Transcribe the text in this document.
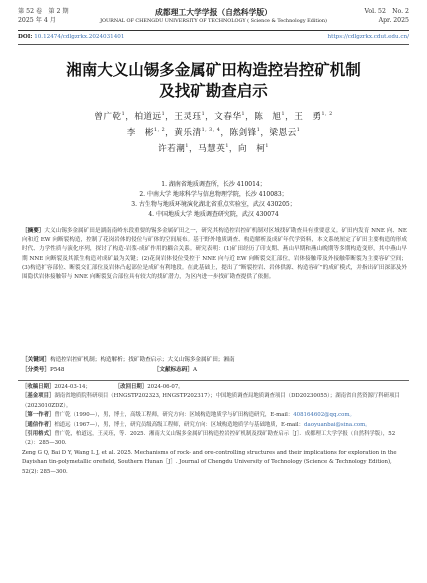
第 52 卷　第 2 期
2025 年 4 月
成都理工大学学报（自然科学版）
JOURNAL OF CHENGDU UNIVERSITY OF TECHNOLOGY ( Science & Technology Edition)
Vol. 52　No. 2
Apr. 2025
DOI: 10.12474/cdlgzrkx.2024031401	https://cdlgzrkx.cdut.edu.cn/
湘南大义山锡多金属矿田构造控岩控矿机制
及找矿勘查启示
曾广乾$^1$，柏道远$^1$，王灵珏$^1$，文春华$^1$，陈　旭$^1$，王　勇$^{1, 2}$
李　彬$^{1, 2}$，黄乐清$^{1, 3, 4}$，陈剑锋$^1$，梁恩云$^1$
许若潮$^1$，马慧英$^1$，向　柯$^1$
1. 湖南省地质调查所，长沙 410014；
2. 中南大学 地球科学与信息物理学院，长沙 410083；
3. 古生物与地质环境演化湖北省重点实验室，武汉 430205；
4. 中国地质大学 地质调查研究院，武汉 430074
［摘要］大义山锡多金属矿田是湖南南岭东段重要的锡多金属矿田之一，研究其构造控岩控矿机制对区域找矿勘查具有重要意义。矿田内发育 NNE 向、NE 向和近 EW 向断裂构造，控制了花岗岩体的侵位与矿体的空间展布。基于野外地质调查、构造解析及成矿年代学资料，本文系统厘定了矿田主要构造的形成时代、力学性质与演化序列，探讨了构造-岩浆-成矿作用的耦合关系。研究表明：(1)矿田经历了印支期、燕山早期和燕山晚期等多期构造变形，其中燕山早期 NNE 向断裂及其派生构造对成矿最为关键；(2)花岗岩体侵位受控于 NNE 向与近 EW 向断裂交汇部位，岩体接触带及外接触带断裂为主要容矿空间；(3)构造扩容部位、断裂交汇部位及岩体凸起部位是成矿有利地段。在此基础上，提出了“断裂控岩、岩体供源、构造容矿”的成矿模式，并指出矿田深部及外围隐伏岩体接触带与 NNE 向断裂复合部位具有较大的找矿潜力，为区内进一步找矿勘查提供了依据。
［关键词］构造控岩控矿机制；构造解析；找矿勘查启示；大义山锡多金属矿田；湘南
［分类号］P548	［文献标志码］A
［收稿日期］2024-03-14；	［改回日期］2024-06-07。
［基金项目］湖南省地质院科研项目（HNGSTP202323, HNGSTP202317）；中国地质调查局地质调查项目（DD20230055）；湖南省自然资源厅科研项目（2023010ZDZ）。
［第一作者］曾广乾（1990—），男，博士，高级工程师，研究方向：区域构造地质学与矿田构造研究，E-mail：408164602@qq.com。
［通信作者］柏道远（1967—），男，博士，研究员级高级工程师，研究方向：区域构造地质学与基础地质，E-mail：daoyuanbai@sina.com。
［引用格式］曾广乾，柏道远，王灵珏，等．2025．湘南大义山锡多金属矿田构造控岩控矿机制及找矿勘查启示［J］．成都理工大学学报（自然科学版），52（2）：285—300.
Zeng G Q, Bai D Y, Wang L J, et al. 2025. Mechanisms of rock- and ore-controlling structures and their implications for exploration in the Dayishan tin-polymetallic orefield, Southern Hunan［J］. Journal of Chengdu University of Technology (Science & Technology Edition), 52(2): 285—300.
